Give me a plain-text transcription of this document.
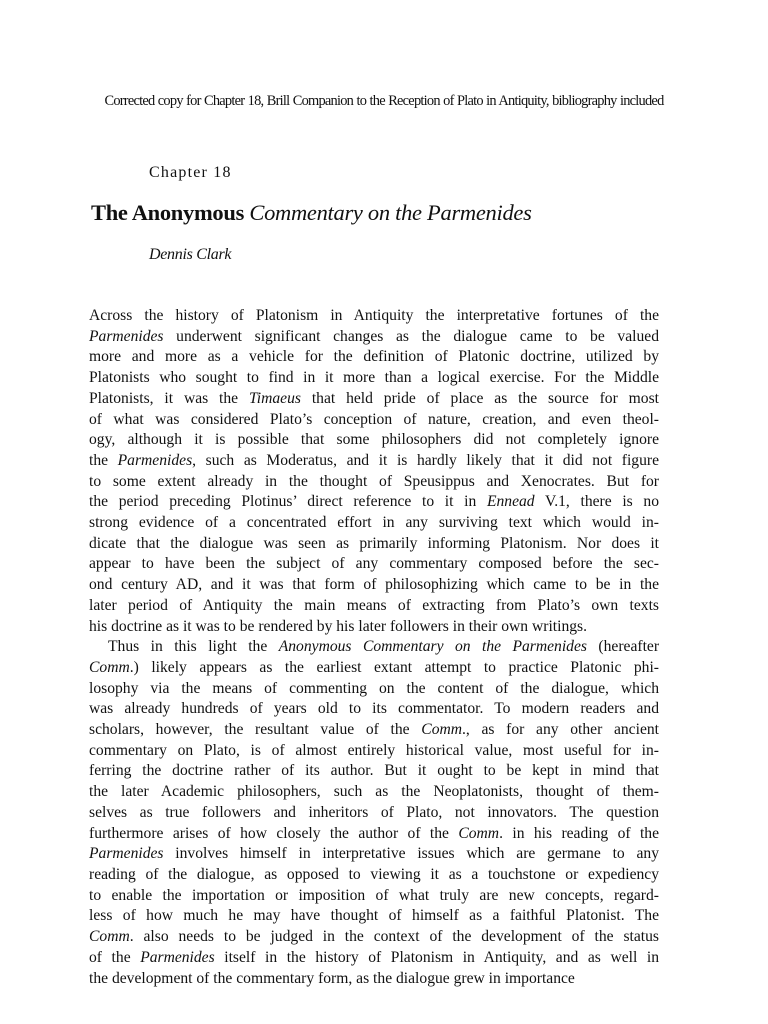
Corrected copy for Chapter 18, Brill Companion to the Reception of Plato in Antiquity, bibliography included
Chapter 18
The Anonymous Commentary on the Parmenides
Dennis Clark
Across the history of Platonism in Antiquity the interpretative fortunes of the
Parmenides underwent significant changes as the dialogue came to be valued
more and more as a vehicle for the definition of Platonic doctrine, utilized by
Platonists who sought to find in it more than a logical exercise. For the Middle
Platonists, it was the Timaeus that held pride of place as the source for most
of what was considered Plato’s conception of nature, creation, and even theol-
ogy, although it is possible that some philosophers did not completely ignore
the Parmenides, such as Moderatus, and it is hardly likely that it did not figure
to some extent already in the thought of Speusippus and Xenocrates. But for
the period preceding Plotinus’ direct reference to it in Ennead V.1, there is no
strong evidence of a concentrated effort in any surviving text which would in-
dicate that the dialogue was seen as primarily informing Platonism. Nor does it
appear to have been the subject of any commentary composed before the sec-
ond century AD, and it was that form of philosophizing which came to be in the
later period of Antiquity the main means of extracting from Plato’s own texts
his doctrine as it was to be rendered by his later followers in their own writings.
Thus in this light the Anonymous Commentary on the Parmenides (hereafter
Comm.) likely appears as the earliest extant attempt to practice Platonic phi-
losophy via the means of commenting on the content of the dialogue, which
was already hundreds of years old to its commentator. To modern readers and
scholars, however, the resultant value of the Comm., as for any other ancient
commentary on Plato, is of almost entirely historical value, most useful for in-
ferring the doctrine rather of its author. But it ought to be kept in mind that
the later Academic philosophers, such as the Neoplatonists, thought of them-
selves as true followers and inheritors of Plato, not innovators. The question
furthermore arises of how closely the author of the Comm. in his reading of the
Parmenides involves himself in interpretative issues which are germane to any
reading of the dialogue, as opposed to viewing it as a touchstone or expediency
to enable the importation or imposition of what truly are new concepts, regard-
less of how much he may have thought of himself as a faithful Platonist. The
Comm. also needs to be judged in the context of the development of the status
of the Parmenides itself in the history of Platonism in Antiquity, and as well in
the development of the commentary form, as the dialogue grew in importance
